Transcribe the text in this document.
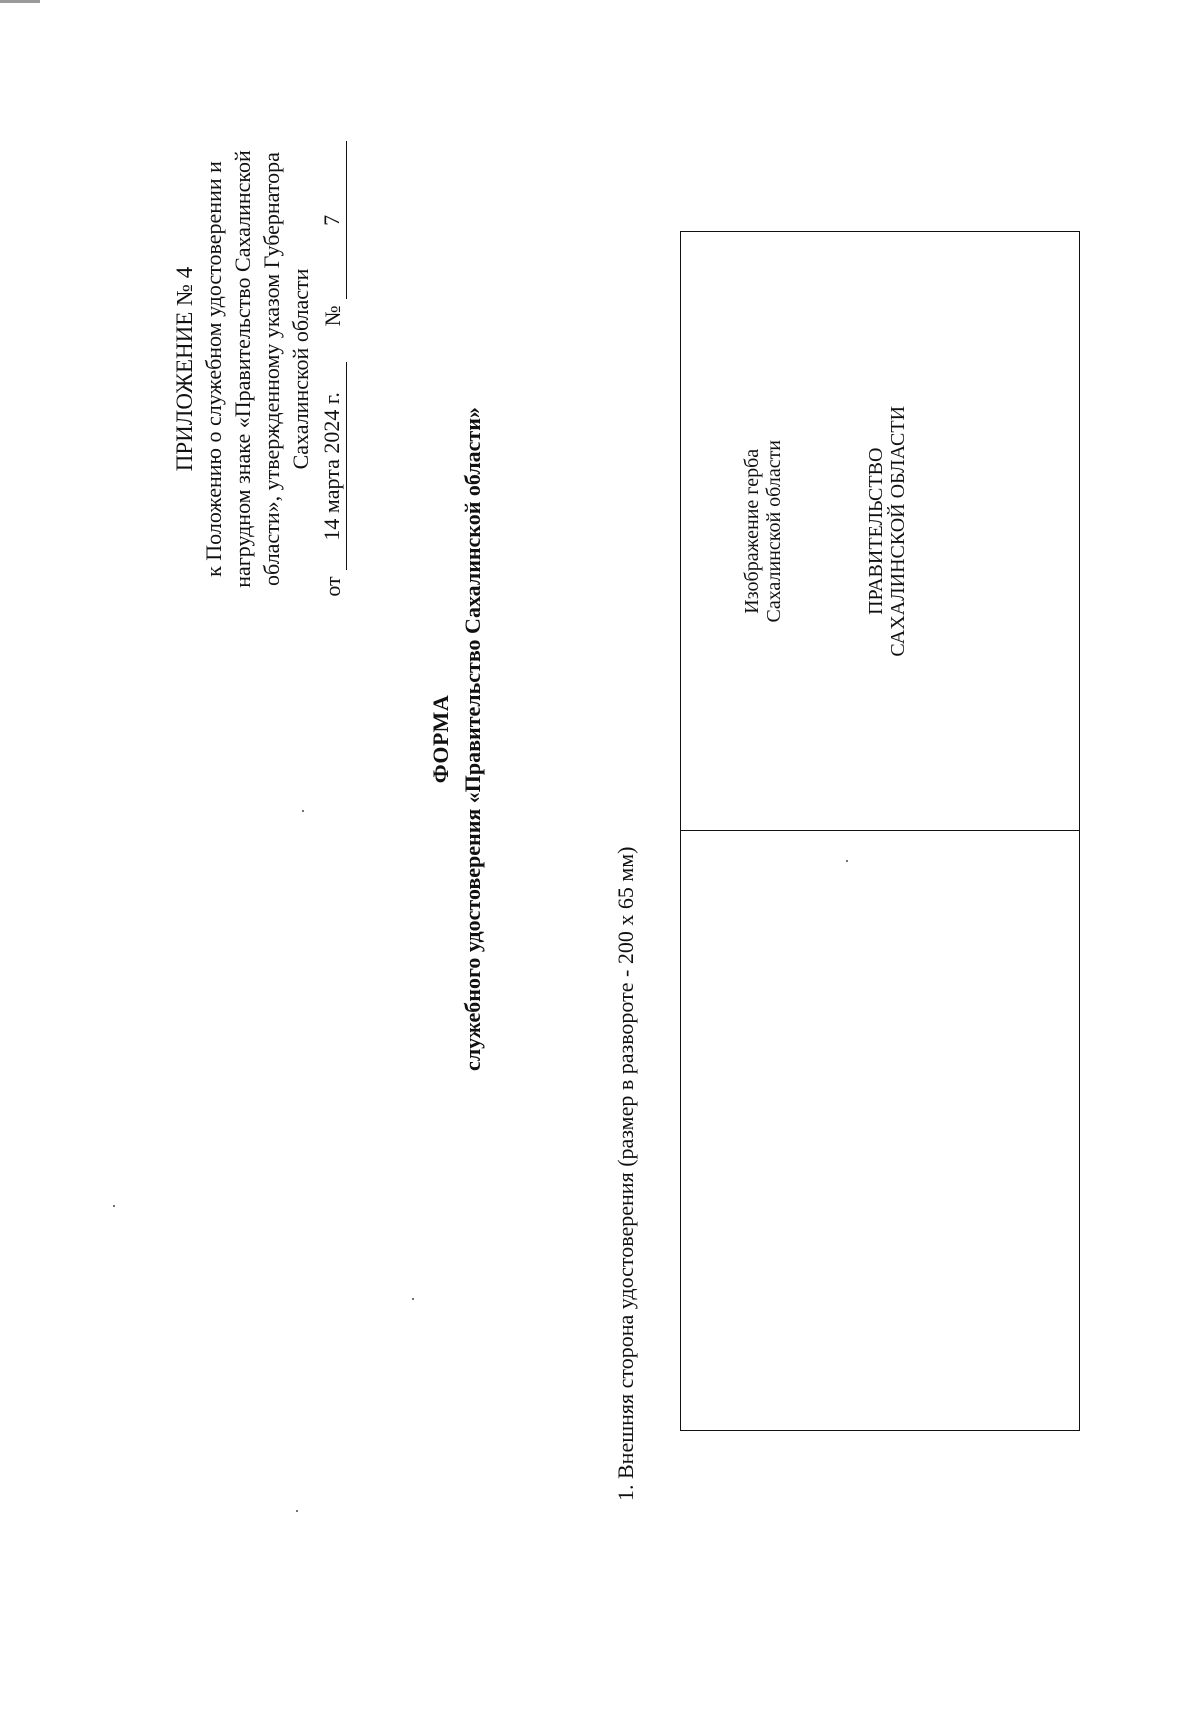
ПРИЛОЖЕНИЕ № 4 к Положению о служебном удостоверении и нагрудном знаке «Правительство Сахалинской области», утвержденному указом Губернатора Сахалинской области
от
14 марта 2024 г.
№
7
ФОРМА служебного удостоверения «Правительство Сахалинской области»
1. Внешняя сторона удостоверения (размер в развороте - 200 х 65 мм)
Изображение герба Сахалинской области	ПРАВИТЕЛЬСТВО САХАЛИНСКОЙ ОБЛАСТИ
